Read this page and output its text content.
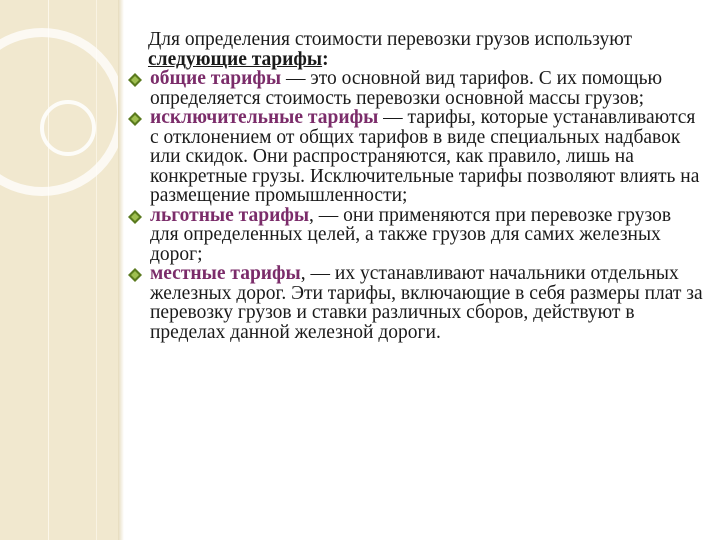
Для определения стоимости перевозки грузов используют следующие тарифы:

общие тарифы — это основной вид тарифов. С их помощью определяется стоимость перевозки основной массы грузов;
исключительные тарифы — тарифы, которые устанавливаются с отклонением от общих тарифов в виде специальных надбавок или скидок. Они распространяются, как правило, лишь на конкретные грузы. Исключительные тарифы позволяют влиять на размещение промышленности;
льготные тарифы, — они применяются при перевозке грузов для определенных целей, а также грузов для самих железных дорог;
местные тарифы, — их устанавливают начальники отдельных железных дорог. Эти тарифы, включающие в себя размеры плат за перевозку грузов и ставки различных сборов, действуют в пределах данной железной дороги.
